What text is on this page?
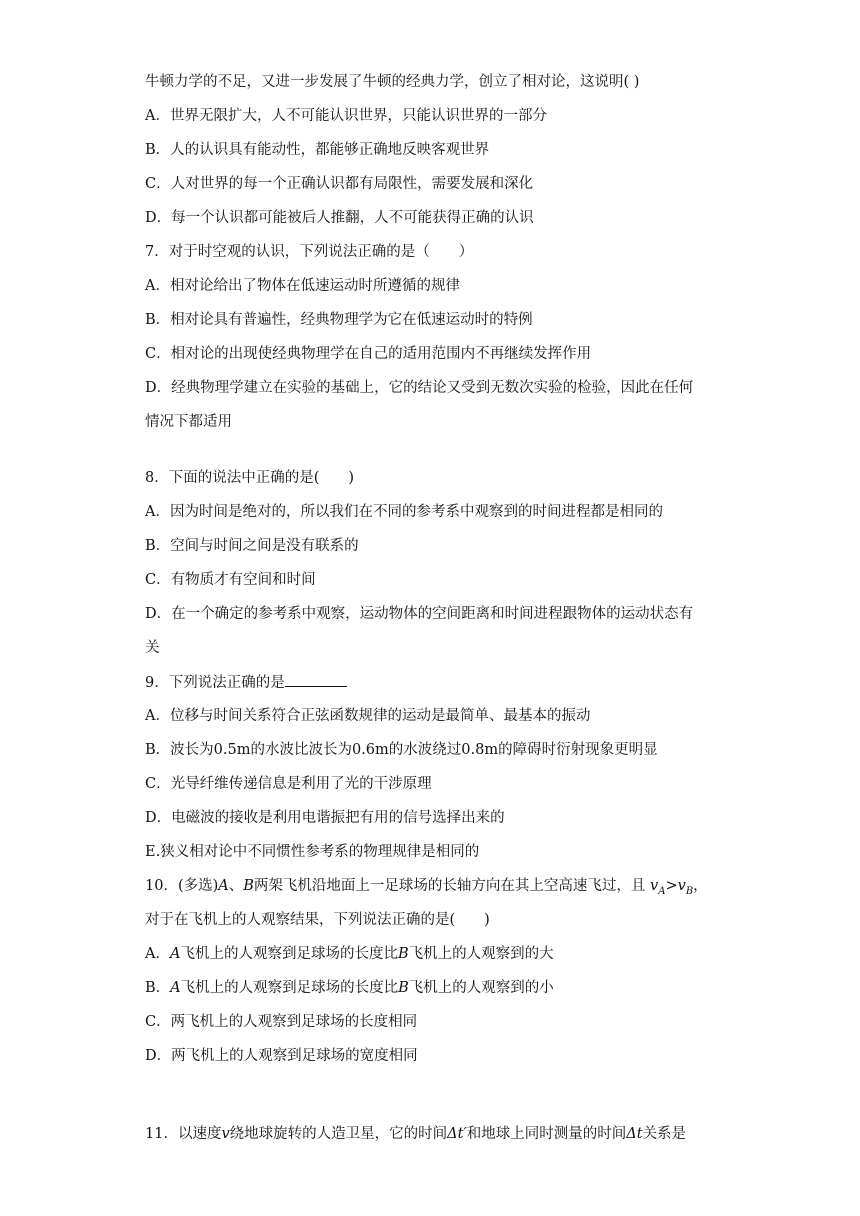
牛顿力学的不足，又进一步发展了牛顿的经典力学，创立了相对论，这说明( )
A．世界无限扩大，人不可能认识世界，只能认识世界的一部分
B．人的认识具有能动性，都能够正确地反映客观世界
C．人对世界的每一个正确认识都有局限性，需要发展和深化
D．每一个认识都可能被后人推翻，人不可能获得正确的认识
7．对于时空观的认识，下列说法正确的是（　　）
A．相对论给出了物体在低速运动时所遵循的规律
B．相对论具有普遍性，经典物理学为它在低速运动时的特例
C．相对论的出现使经典物理学在自己的适用范围内不再继续发挥作用
D．经典物理学建立在实验的基础上，它的结论又受到无数次实验的检验，因此在任何
情况下都适用
8．下面的说法中正确的是(　　)
A．因为时间是绝对的，所以我们在不同的参考系中观察到的时间进程都是相同的
B．空间与时间之间是没有联系的
C．有物质才有空间和时间
D．在一个确定的参考系中观察，运动物体的空间距离和时间进程跟物体的运动状态有
关
9．下列说法正确的是
A．位移与时间关系符合正弦函数规律的运动是最简单、最基本的振动
B．波长为0.5m的水波比波长为0.6m的水波绕过0.8m的障碍时衍射现象更明显
C．光导纤维传递信息是利用了光的干涉原理
D．电磁波的接收是利用电谐振把有用的信号选择出来的
E.狭义相对论中不同惯性参考系的物理规律是相同的
10．(多选)A、B两架飞机沿地面上一足球场的长轴方向在其上空高速飞过，且 $v_A>v_B$，
对于在飞机上的人观察结果，下列说法正确的是(　　)
A．A飞机上的人观察到足球场的长度比B飞机上的人观察到的大
B．A飞机上的人观察到足球场的长度比B飞机上的人观察到的小
C．两飞机上的人观察到足球场的长度相同
D．两飞机上的人观察到足球场的宽度相同
11．以速度v绕地球旋转的人造卫星，它的时间Δt′和地球上同时测量的时间Δt关系是
